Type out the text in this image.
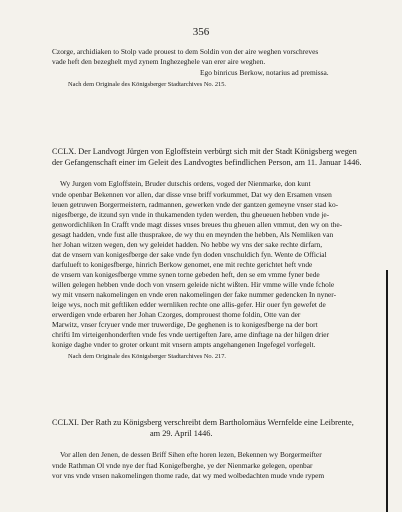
356
Czorge, archidiaken to Stolp vade prouest to dem Soldin von der aire weghen vorschreves
vade heft den bezeghelt myd zynem Inghezeghele van erer aire weghen.
Ego binricus Berkow, notarius ad premissa.
Nach dem Originale des Königsberger Stadtarchives No. 215.
CCLX. Der Landvogt Jürgen von Egloffstein verbürgt sich mit der Stadt Königsberg wegen
der Gefangenschaft einer im Geleit des Landvogtes befindlichen Person, am 11. Januar 1446.
Wy Jurgen vom Egloffstein, Bruder dutschis ordens, voged der Nienmarke, don kunt
vnde openbar Bekennen vor allen, dar disse vnse briff vorkummet, Dat wy den Ersamen vnsen
leuen getruwen Borgermeistern, radmannen, gewerken vnde der gantzen gemeyne vnser stad ko-
nigesfberge, de itzund syn vnde in thukamenden tyden werden, thu gheueuen hebben vnde je-
genwordichliken In Crafft vnde magt disses vnses breues thu gheuen allen vmmut, den wy on the-
gesagt hadden, vnde fust alle thusprakee, de wy thu en meynden the hebben, Als Nemliken van
her Johan witzen wegen, den wy geleidet hadden. No hebbe wy vns der sake rechte dirfarn,
dat de vnsern van konigesfberge der sake vnde fyn doden vnschuldich fyn. Wente de Official
darfulueft to konigesfberge, hinrich Berkow genomet, ene mit rechte gerichtet heft vnde
de vnsern van konigesfberge vmme synen torne gebeden heft, den se em vmme fyner bede
willen gelegen hebben vnde doch von vnsern geleide nicht wißten. Hir vmme wille vnde fchole
wy mit vnsern nakomelingen en vnde eren nakomelingen der fake nummer gedencken In nyner-
leige wys, noch mit geftliken edder wernliken rechte one allis-gefer. Hir ouer fyn gewefet de
erwerdigen vnde erbaren her Johan Czorges, domprouest thome foldin, Otte van der
Marwitz, vnser fcryuer vnde mer truwerdige, De geghenen is to konigesfberge na der bort
chrifti Im virteigenhonderften vnde fes vnde uertigeften Jare, ame dinftage na der hilgen drier
konige daghe vnder to groter orkunt mit vnsern ampts angehangenen Ingefegel vorfegelt.
Nach dem Originale des Königsberger Stadtarchives No. 217.
CCLXI. Der Rath zu Königsberg verschreibt dem Bartholomäus Wernfelde eine Leibrente,
am 29. April 1446.
Vor allen den Jenen, de dessen Briff Sihen efte horen lezen, Bekennen wy Borgermeifter
vnde Rathman Ol vnde nye der ftad Konigefberghe, ye der Nienmarke gelegen, openbar
vor vns vnde vnsen nakomelingen thome rade, dat wy med wolbedachten mude vnde rypem
